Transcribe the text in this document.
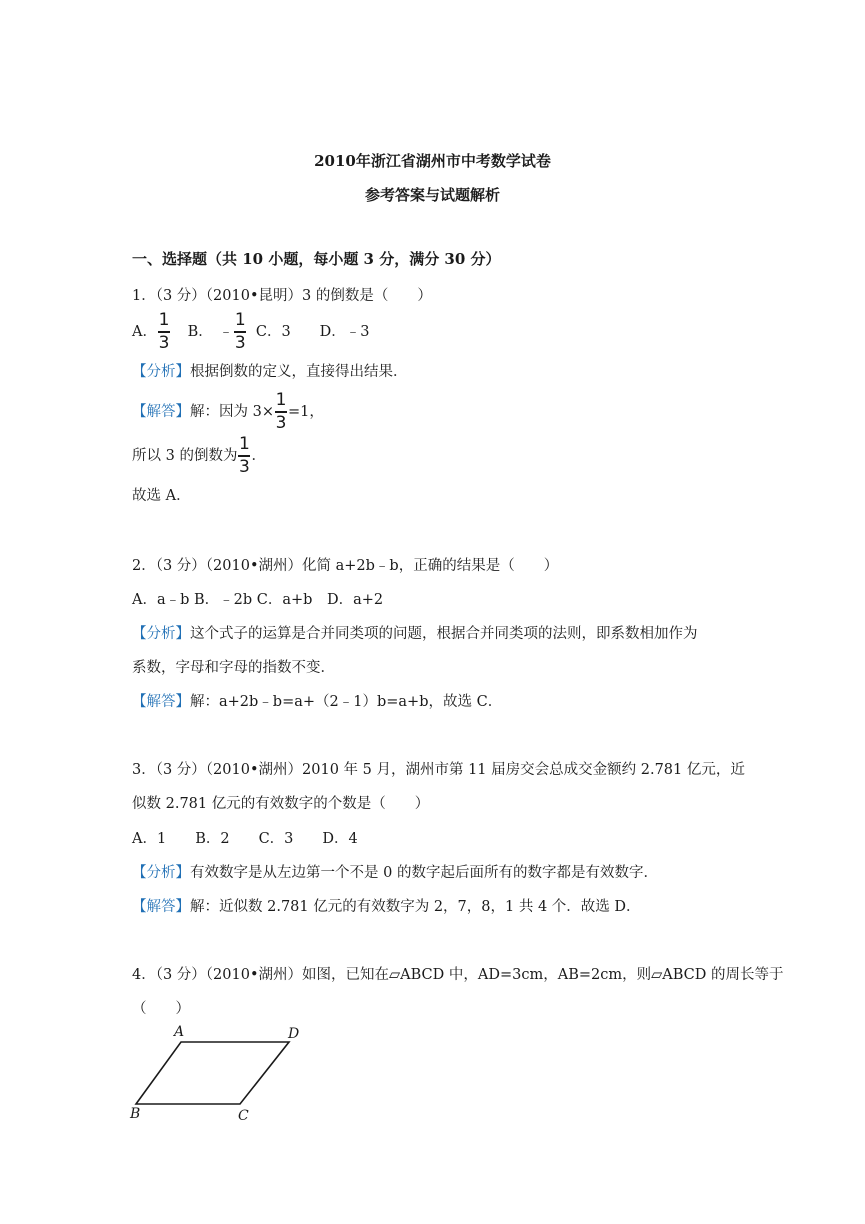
2010年浙江省湖州市中考数学试卷
参考答案与试题解析
一、选择题（共 10 小题，每小题 3 分，满分 30 分）
1．（3 分）（2010•昆明）3 的倒数是（　　）
A． $\frac{1}{3}$ B． ﹣ $\frac{1}{3}$ C．3　　D．﹣3
【分析】根据倒数的定义，直接得出结果．
【解答】解：因为 $3\times \frac{1}{3} =1$，
所以 3 的倒数为 $\frac{1}{3}$ ．
故选 A．
2．（3 分）（2010•湖州）化简 a+2b﹣b，正确的结果是（　　）
A．a﹣b B．﹣2b C．a+b　D．a+2
【分析】这个式子的运算是合并同类项的问题，根据合并同类项的法则，即系数相加作为
系数，字母和字母的指数不变．
【解答】解：a+2b﹣b=a+（2﹣1）b=a+b，故选 C．
3．（3 分）（2010•湖州）2010 年 5 月，湖州市第 11 届房交会总成交金额约 2.781 亿元，近
似数 2.781 亿元的有效数字的个数是（　　）
A．1　　B．2　　C．3　　D．4
【分析】有效数字是从左边第一个不是 0 的数字起后面所有的数字都是有效数字．
【解答】解：近似数 2.781 亿元的有效数字为 2，7，8，1 共 4 个．故选 D．
4．（3 分）（2010•湖州）如图，已知在▱ABCD 中，AD=3cm，AB=2cm，则▱ABCD 的周长等于
（　　）
A	D
B	C
